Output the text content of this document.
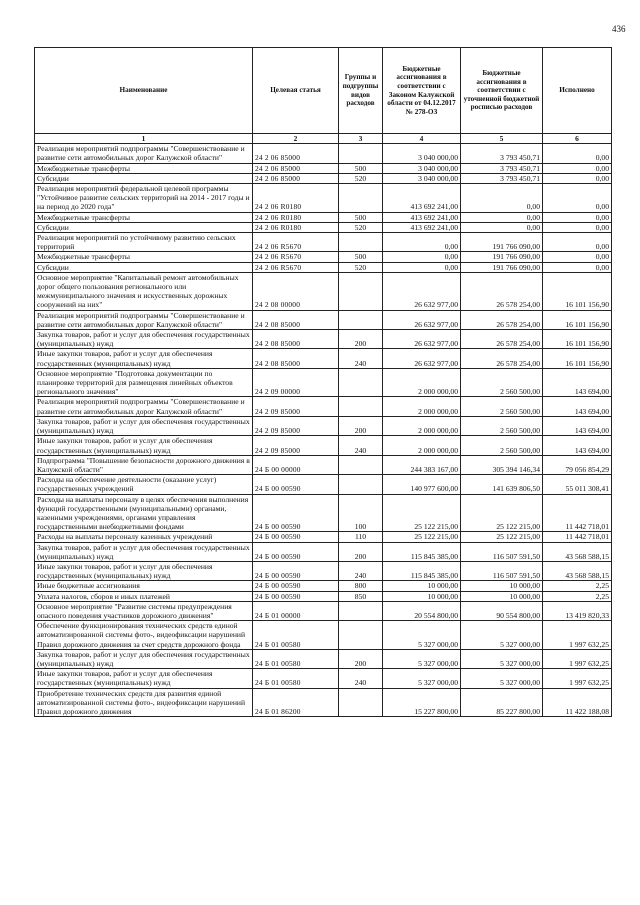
436
Наименование	Целевая статья	Группы и подгруппы видов расходов	Бюджетные ассигнования в соответствии с Законом Калужской области от 04.12.2017 № 278-ОЗ	Бюджетные ассигнования в соответствии с уточненной бюджетной росписью расходов	Исполнено
1	2	3	4	5	6
Реализация мероприятий подпрограммы "Совершенствование и развитие сети автомобильных дорог Калужской области"	24 2 06 85000		3 040 000,00	3 793 450,71	0,00
Межбюджетные трансферты	24 2 06 85000	500	3 040 000,00	3 793 450,71	0,00
Субсидии	24 2 06 85000	520	3 040 000,00	3 793 450,71	0,00
Реализация мероприятий федеральной целевой программы "Устойчивое развитие сельских территорий на 2014 - 2017 годы и на период до 2020 года"	24 2 06 R0180		413 692 241,00	0,00	0,00
Межбюджетные трансферты	24 2 06 R0180	500	413 692 241,00	0,00	0,00
Субсидии	24 2 06 R0180	520	413 692 241,00	0,00	0,00
Реализация мероприятий по устойчивому развитию сельских территорий	24 2 06 R5670		0,00	191 766 090,00	0,00
Межбюджетные трансферты	24 2 06 R5670	500	0,00	191 766 090,00	0,00
Субсидии	24 2 06 R5670	520	0,00	191 766 090,00	0,00
Основное мероприятие "Капитальный ремонт автомобильных дорог общего пользования регионального или межмуниципального значения и искусственных дорожных сооружений на них"	24 2 08 00000		26 632 977,00	26 578 254,00	16 101 156,90
Реализация мероприятий подпрограммы "Совершенствование и развитие сети автомобильных дорог Калужской области"	24 2 08 85000		26 632 977,00	26 578 254,00	16 101 156,90
Закупка товаров, работ и услуг для обеспечения государственных (муниципальных) нужд	24 2 08 85000	200	26 632 977,00	26 578 254,00	16 101 156,90
Иные закупки товаров, работ и услуг для обеспечения государственных (муниципальных) нужд	24 2 08 85000	240	26 632 977,00	26 578 254,00	16 101 156,90
Основное мероприятие "Подготовка документации по планировке территорий для размещения линейных объектов регионального значения"	24 2 09 00000		2 000 000,00	2 560 500,00	143 694,00
Реализация мероприятий подпрограммы "Совершенствование и развитие сети автомобильных дорог Калужской области"	24 2 09 85000		2 000 000,00	2 560 500,00	143 694,00
Закупка товаров, работ и услуг для обеспечения государственных (муниципальных) нужд	24 2 09 85000	200	2 000 000,00	2 560 500,00	143 694,00
Иные закупки товаров, работ и услуг для обеспечения государственных (муниципальных) нужд	24 2 09 85000	240	2 000 000,00	2 560 500,00	143 694,00
Подпрограмма "Повышение безопасности дорожного движения в Калужской области"	24 Б 00 00000		244 383 167,00	305 394 146,34	79 056 854,29
Расходы на обеспечение деятельности (оказание услуг) государственных учреждений	24 Б 00 00590		140 977 600,00	141 639 806,50	55 011 308,41
Расходы на выплаты персоналу в целях обеспечения выполнения функций государственными (муниципальными) органами, казенными учреждениями, органами управления государственными внебюджетными фондами	24 Б 00 00590	100	25 122 215,00	25 122 215,00	11 442 718,01
Расходы на выплаты персоналу казенных учреждений	24 Б 00 00590	110	25 122 215,00	25 122 215,00	11 442 718,01
Закупка товаров, работ и услуг для обеспечения государственных (муниципальных) нужд	24 Б 00 00590	200	115 845 385,00	116 507 591,50	43 568 588,15
Иные закупки товаров, работ и услуг для обеспечения государственных (муниципальных) нужд	24 Б 00 00590	240	115 845 385,00	116 507 591,50	43 568 588,15
Иные бюджетные ассигнования	24 Б 00 00590	800	10 000,00	10 000,00	2,25
Уплата налогов, сборов и иных платежей	24 Б 00 00590	850	10 000,00	10 000,00	2,25
Основное мероприятие "Развитие системы предупреждения опасного поведения участников дорожного движения"	24 Б 01 00000		20 554 800,00	90 554 800,00	13 419 820,33
Обеспечение функционирования технических средств единой автоматизированной системы фото-, видеофиксации нарушений Правил дорожного движения за счет средств дорожного фонда	24 Б 01 00580		5 327 000,00	5 327 000,00	1 997 632,25
Закупка товаров, работ и услуг для обеспечения государственных (муниципальных) нужд	24 Б 01 00580	200	5 327 000,00	5 327 000,00	1 997 632,25
Иные закупки товаров, работ и услуг для обеспечения государственных (муниципальных) нужд	24 Б 01 00580	240	5 327 000,00	5 327 000,00	1 997 632,25
Приобретение технических средств для развития единой автоматизированной системы фото-, видеофиксации нарушений Правил дорожного движения	24 Б 01 86200		15 227 800,00	85 227 800,00	11 422 188,08
